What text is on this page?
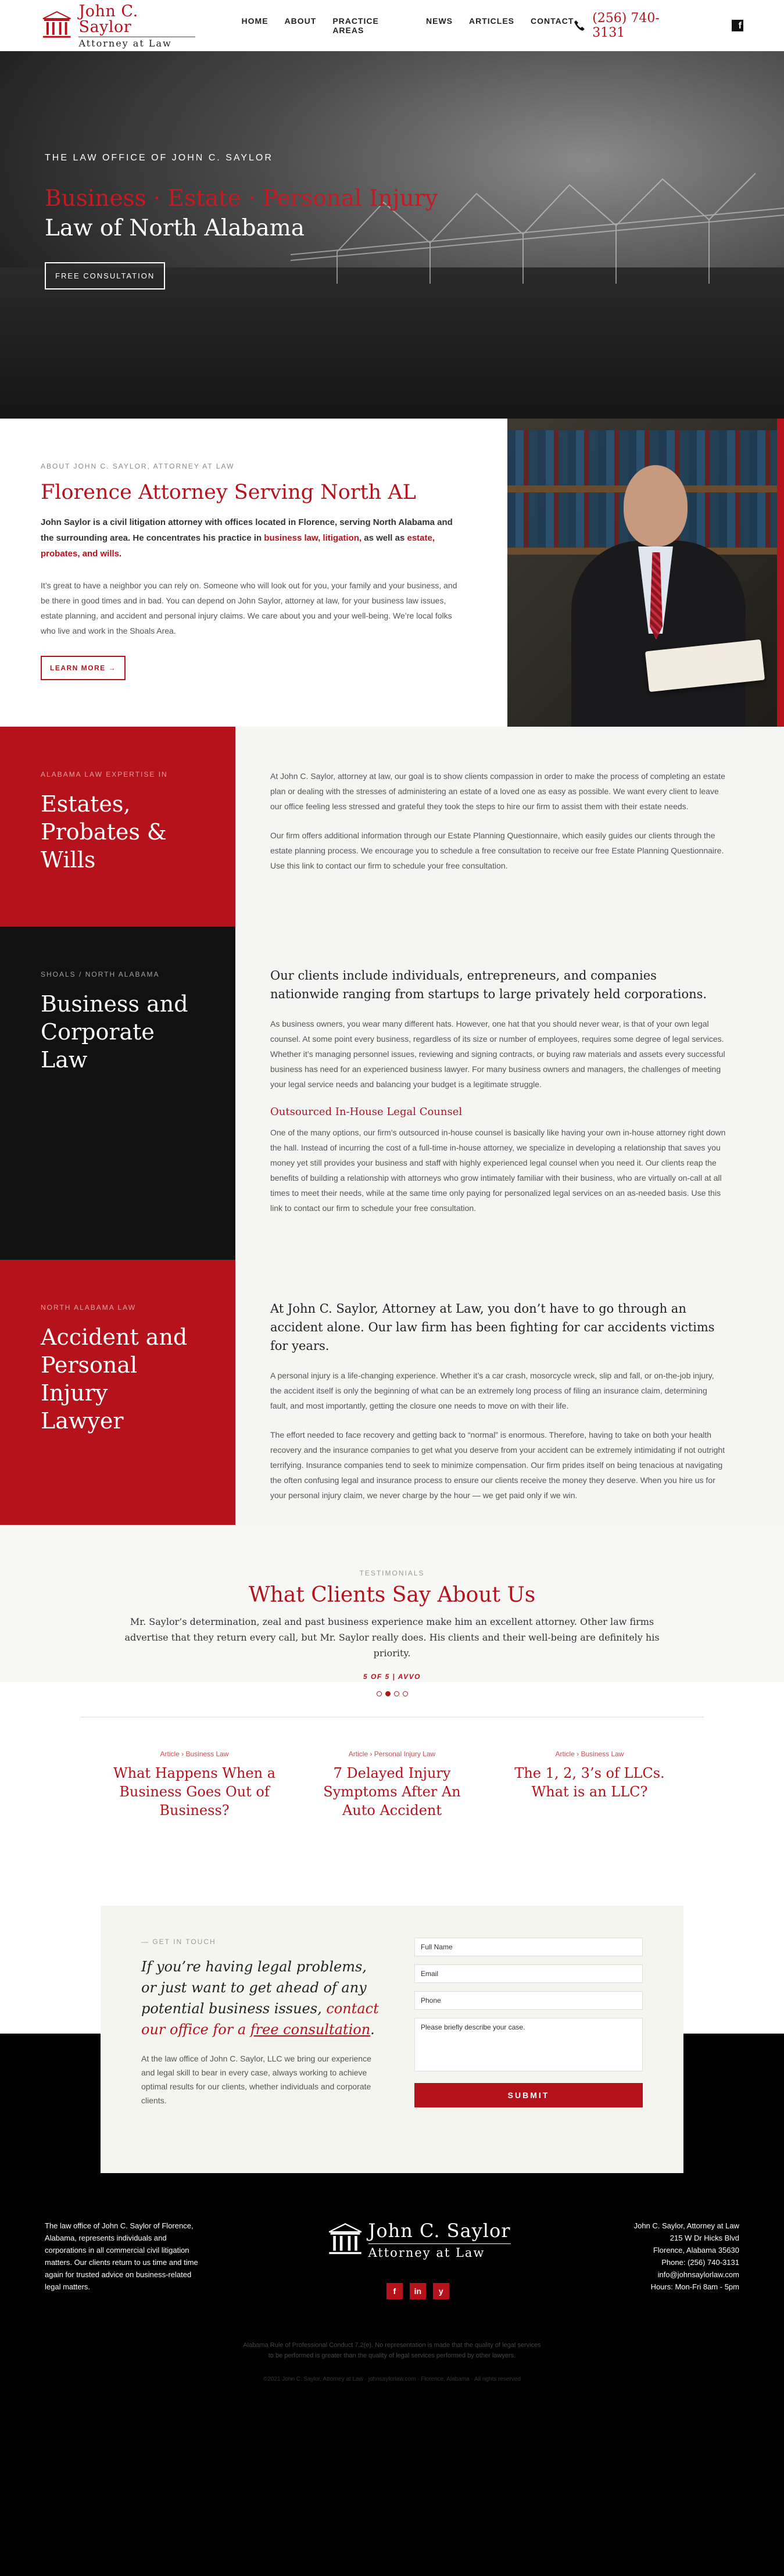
John C. Saylor
Attorney at Law
HOME ABOUT PRACTICE AREAS
NEWS ARTICLES CONTACT (256) 740-3131	f
THE LAW OFFICE OF JOHN C. SAYLOR
Business · Estate · Personal Injury
Law of North Alabama
FREE CONSULTATION
ABOUT JOHN C. SAYLOR, ATTORNEY AT LAW
Florence Attorney Serving North AL

John Saylor is a civil litigation attorney with offices located in Florence, serving North Alabama and the surrounding area. He concentrates his practice in business law, litigation, as well as estate, probates, and wills.

It’s great to have a neighbor you can rely on. Someone who will look out for you, your family and your business, and be there in good times and in bad. You can depend on John Saylor, attorney at law, for your business law issues, estate planning, and accident and personal injury claims. We care about you and your well-being. We’re local folks who live and work in the Shoals Area.

LEARN MORE →
ALABAMA LAW EXPERTISE IN
Estates, Probates & Wills

At John C. Saylor, attorney at law, our goal is to show clients compassion in order to make the process of completing an estate plan or dealing with the stresses of administering an estate of a loved one as easy as possible. We want every client to leave our office feeling less stressed and grateful they took the steps to hire our firm to assist them with their estate needs.

Our firm offers additional information through our Estate Planning Questionnaire, which easily guides our clients through the estate planning process. We encourage you to schedule a free consultation to receive our free Estate Planning Questionnaire. Use this link to contact our firm to schedule your free consultation.

SHOALS / NORTH ALABAMA
Business and Corporate Law
Our clients include individuals, entrepreneurs, and companies nationwide ranging from startups to large privately held corporations.

As business owners, you wear many different hats. However, one hat that you should never wear, is that of your own legal counsel. At some point every business, regardless of its size or number of employees, requires some degree of legal services. Whether it’s managing personnel issues, reviewing and signing contracts, or buying raw materials and assets every successful business has need for an experienced business lawyer. For many business owners and managers, the challenges of meeting your legal service needs and balancing your budget is a legitimate struggle.

Outsourced In-House Legal Counsel

One of the many options, our firm’s outsourced in-house counsel is basically like having your own in-house attorney right down the hall. Instead of incurring the cost of a full-time in-house attorney, we specialize in developing a relationship that saves you money yet still provides your business and staff with highly experienced legal counsel when you need it. Our clients reap the benefits of building a relationship with attorneys who grow intimately familiar with their business, who are virtually on-call at all times to meet their needs, while at the same time only paying for personalized legal services on an as-needed basis. Use this link to contact our firm to schedule your free consultation.

NORTH ALABAMA LAW
Accident and Personal Injury Lawyer
At John C. Saylor, Attorney at Law, you don’t have to go through an accident alone. Our law firm has been fighting for car accidents victims for years.

A personal injury is a life-changing experience. Whether it’s a car crash, mosorcycle wreck, slip and fall, or on-the-job injury, the accident itself is only the beginning of what can be an extremely long process of filing an insurance claim, determining fault, and most importantly, getting the closure one needs to move on with their life.

The effort needed to face recovery and getting back to “normal” is enormous. Therefore, having to take on both your health recovery and the insurance companies to get what you deserve from your accident can be extremely intimidating if not outright terrifying. Insurance companies tend to seek to minimize compensation. Our firm prides itself on being tenacious at navigating the often confusing legal and insurance process to ensure our clients receive the money they deserve. When you hire us for your personal injury claim, we never charge by the hour — we get paid only if we win.

TESTIMONIALS
What Clients Say About Us

Mr. Saylor’s determination, zeal and past business experience make him an excellent attorney. Other law firms advertise that they return every call, but Mr. Saylor really does. His clients and their well-being are definitely his priority.

5 OF 5 | AVVO
Article › Business Law
What Happens When a Business Goes Out of Business?
Article › Personal Injury Law
7 Delayed Injury Symptoms After An Auto Accident
Article › Business Law
The 1, 2, 3’s of LLCs. What is an LLC?
— GET IN TOUCH
If you’re having legal problems, or just want to get ahead of any potential business issues, contact our office for a free consultation.
At the law office of John C. Saylor, LLC we bring our experience and legal skill to bear in every case, always working to achieve optimal results for our clients, whether individuals and corporate clients.
Full Name
Email
Phone
Please briefly describe your case.
SUBMIT
The law office of John C. Saylor of Florence, Alabama, represents individuals and corporations in all commercial civil litigation matters. Our clients return to us time and time again for trusted advice on business-related legal matters.

John C. Saylor
Attorney at Law
f	in	y
John C. Saylor, Attorney at Law
215 W Dr Hicks Blvd
Florence, Alabama 35630
Phone: (256) 740-3131
info@johnsaylorlaw.com
Hours: Mon-Fri 8am - 5pm
Alabama Rule of Professional Conduct 7.2(e). No representation is made that the quality of legal services to be performed is greater than the quality of legal services performed by other lawyers.
©2021 John C. Saylor, Attorney at Law · johnsaylorlaw.com · Florence, Alabama · All rights reserved
